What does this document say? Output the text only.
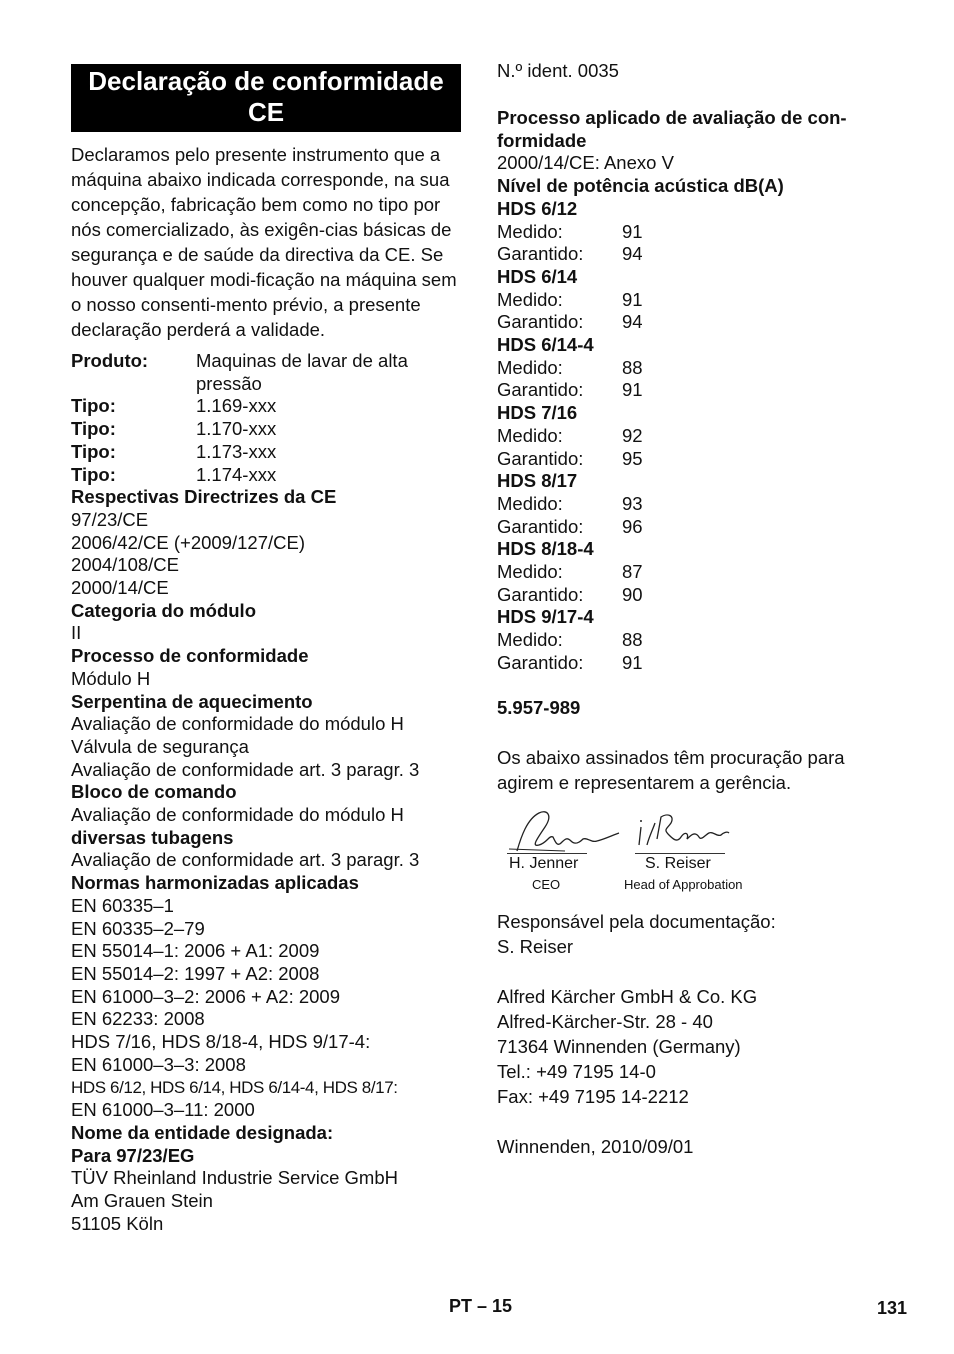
Declaração de conformidade
CE
Declaramos pelo presente instrumento que a máquina abaixo indicada corresponde, na sua concepção, fabricação bem como no tipo por nós comercializado, às exigên-cias básicas de segurança e de saúde da directiva da CE. Se houver qualquer modi-ficação na máquina sem o nosso consenti-mento prévio, a presente declaração perderá a validade.
Produto:	Maquinas de lavar de alta pressão
Tipo:	1.169-xxx
Tipo:	1.170-xxx
Tipo:	1.173-xxx
Tipo:	1.174-xxx
Respectivas Directrizes da CE
97/23/CE
2006/42/CE (+2009/127/CE)
2004/108/CE
2000/14/CE
Categoria do módulo
II
Processo de conformidade
Módulo H
Serpentina de aquecimento
Avaliação de conformidade do módulo H
Válvula de segurança
Avaliação de conformidade art. 3 paragr. 3
Bloco de comando
Avaliação de conformidade do módulo H
diversas tubagens
Avaliação de conformidade art. 3 paragr. 3
Normas harmonizadas aplicadas
EN 60335–1
EN 60335–2–79
EN 55014–1: 2006 + A1: 2009
EN 55014–2: 1997 + A2: 2008
EN 61000–3–2: 2006 + A2: 2009
EN 62233: 2008
HDS 7/16, HDS 8/18-4, HDS 9/17-4:
EN 61000–3–3: 2008
HDS 6/12, HDS 6/14, HDS 6/14-4, HDS 8/17:
EN 61000–3–11: 2000
Nome da entidade designada:
Para 97/23/EG
TÜV Rheinland Industrie Service GmbH
Am Grauen Stein
51105 Köln
N.º ident. 0035
Processo aplicado de avaliação de con-
formidade
2000/14/CE: Anexo V
Nível de potência acústica dB(A)
HDS 6/12
Medido:	91
Garantido:	94
HDS 6/14
Medido:	91
Garantido:	94
HDS 6/14-4
Medido:	88
Garantido:	91
HDS 7/16
Medido:	92
Garantido:	95
HDS 8/17
Medido:	93
Garantido:	96
HDS 8/18-4
Medido:	87
Garantido:	90
HDS 9/17-4
Medido:	88
Garantido:	91
5.957-989
Os abaixo assinados têm procuração para agirem e representarem a gerência.
H. Jenner
CEO
S. Reiser
Head of Approbation
Responsável pela documentação:
S. Reiser
Alfred Kärcher GmbH & Co. KG
Alfred-Kärcher-Str. 28 - 40
71364 Winnenden (Germany)
Tel.: +49 7195 14-0
Fax: +49 7195 14-2212
Winnenden, 2010/09/01
PT – 15	131
